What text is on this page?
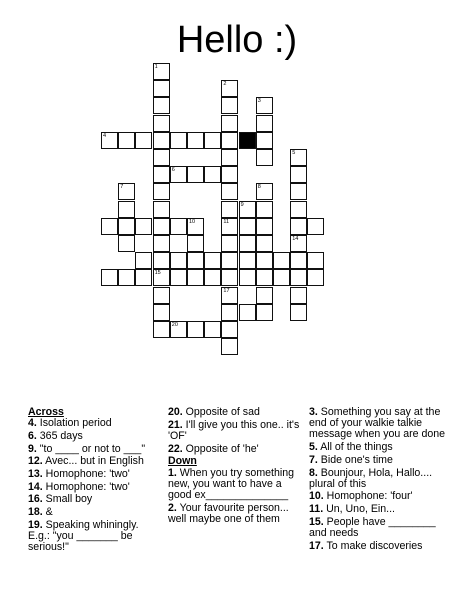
Hello :)
4
6
9
10
15
20
1
2
11
17
3
5
14
7	8
Across
4. Isolation period
6. 365 days
9. "to ____ or not to ___"
12. Avec... but in English
13. Homophone: 'two'
14. Homophone: 'two'
16. Small boy
18. &
19. Speaking whiningly. E.g.: "you _______ be serious!"
20. Opposite of sad
21. I'll give you this one.. it's 'OF'
22. Opposite of 'he'
Down
1. When you try something new, you want to have a good ex______________
2. Your favourite person... well maybe one of them
3. Something you say at the end of your walkie talkie message when you are done
5. All of the things
7. Bide one's time
8. Bounjour, Hola, Hallo.... plural of this
10. Homophone: 'four'
11. Un, Uno, Ein...
15. People have ________ and needs
17. To make discoveries
